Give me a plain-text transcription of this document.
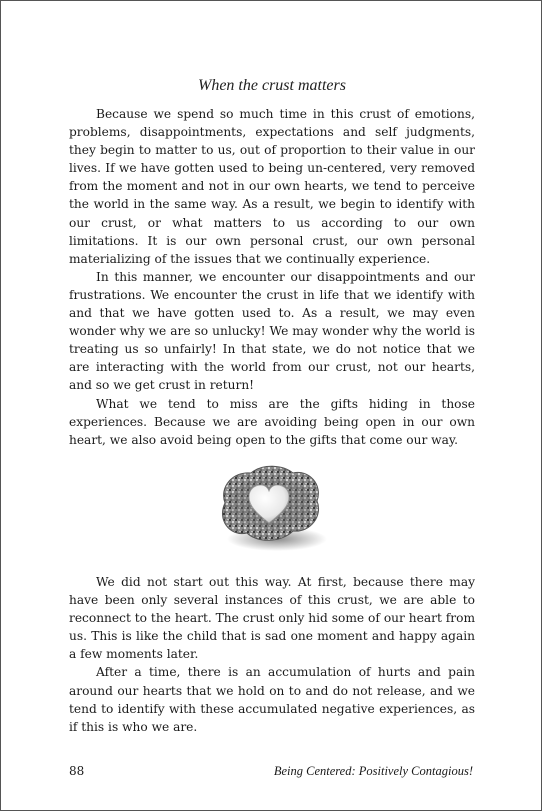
When the crust matters

Because we spend so much time in this crust of emotions, problems, disappointments, expectations and self judgments, they begin to matter to us, out of proportion to their value in our lives. If we have gotten used to being un-centered, very removed from the moment and not in our own hearts, we tend to perceive the world in the same way. As a result, we begin to identify with our crust, or what matters to us according to our own limitations. It is our own personal crust, our own personal materializing of the issues that we continually experience.

In this manner, we encounter our disappointments and our frustrations. We encounter the crust in life that we identify with and that we have gotten used to. As a result, we may even wonder why we are so unlucky! We may wonder why the world is treating us so unfairly! In that state, we do not notice that we are interacting with the world from our crust, not our hearts, and so we get crust in return!

What we tend to miss are the gifts hiding in those experiences. Because we are avoiding being open in our own heart, we also avoid being open to the gifts that come our way.

We did not start out this way. At first, because there may have been only several instances of this crust, we are able to reconnect to the heart. The crust only hid some of our heart from us. This is like the child that is sad one moment and happy again a few moments later.

After a time, there is an accumulation of hurts and pain around our hearts that we hold on to and do not release, and we tend to identify with these accumulated negative experiences, as if this is who we are.

88	Being Centered: Positively Contagious!
